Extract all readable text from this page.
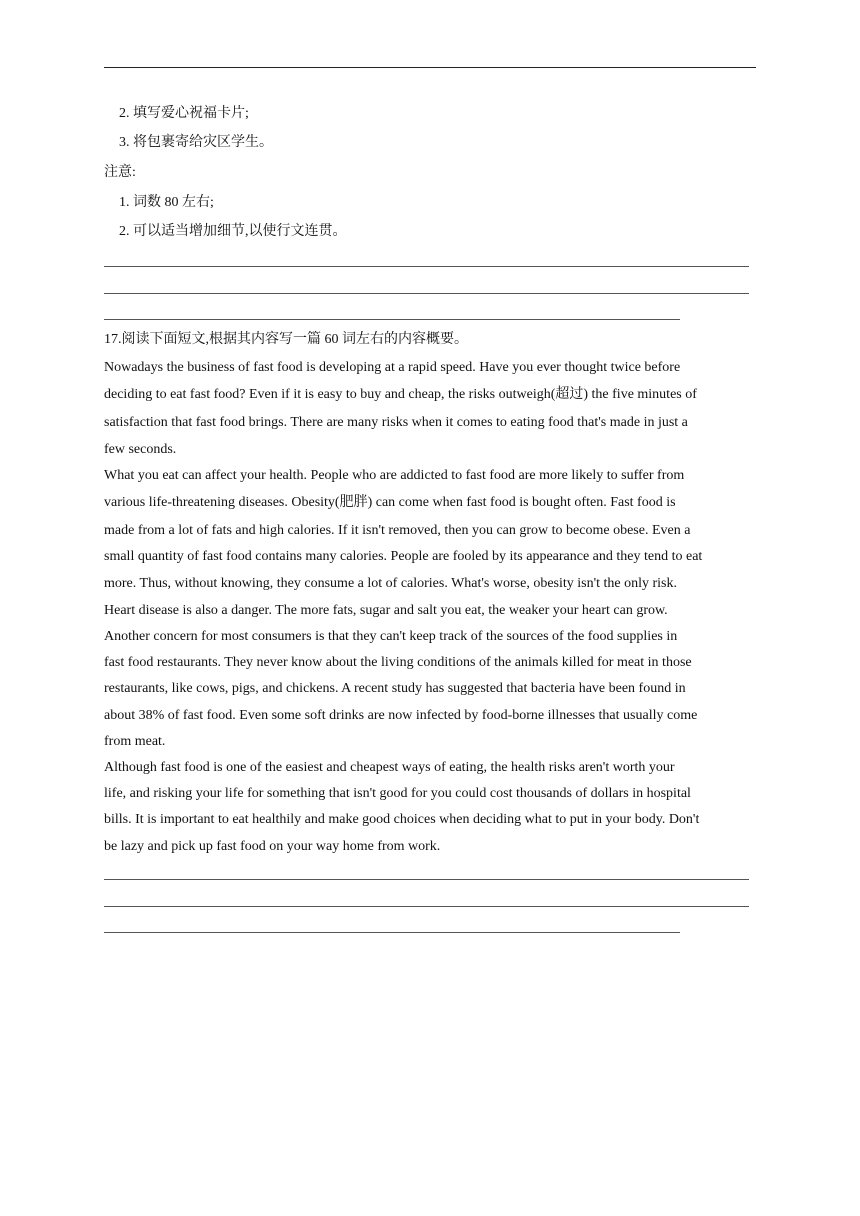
2. 填写爱心祝福卡片;
3. 将包裹寄给灾区学生。
注意:
1. 词数 80 左右;
2. 可以适当增加细节,以使行文连贯。
17.阅读下面短文,根据其内容写一篇 60 词左右的内容概要。
Nowadays the business of fast food is developing at a rapid speed. Have you ever thought twice before
deciding to eat fast food? Even if it is easy to buy and cheap, the risks outweigh(超过) the five minutes of
satisfaction that fast food brings. There are many risks when it comes to eating food that's made in just a
few seconds.
What you eat can affect your health. People who are addicted to fast food are more likely to suffer from
various life-threatening diseases. Obesity(肥胖) can come when fast food is bought often. Fast food is
made from a lot of fats and high calories. If it isn't removed, then you can grow to become obese. Even a
small quantity of fast food contains many calories. People are fooled by its appearance and they tend to eat
more. Thus, without knowing, they consume a lot of calories. What's worse, obesity isn't the only risk.
Heart disease is also a danger. The more fats, sugar and salt you eat, the weaker your heart can grow.
Another concern for most consumers is that they can't keep track of the sources of the food supplies in
fast food restaurants. They never know about the living conditions of the animals killed for meat in those
restaurants, like cows, pigs, and chickens. A recent study has suggested that bacteria have been found in
about 38% of fast food. Even some soft drinks are now infected by food-borne illnesses that usually come
from meat.
Although fast food is one of the easiest and cheapest ways of eating, the health risks aren't worth your
life, and risking your life for something that isn't good for you could cost thousands of dollars in hospital
bills. It is important to eat healthily and make good choices when deciding what to put in your body. Don't
be lazy and pick up fast food on your way home from work.
